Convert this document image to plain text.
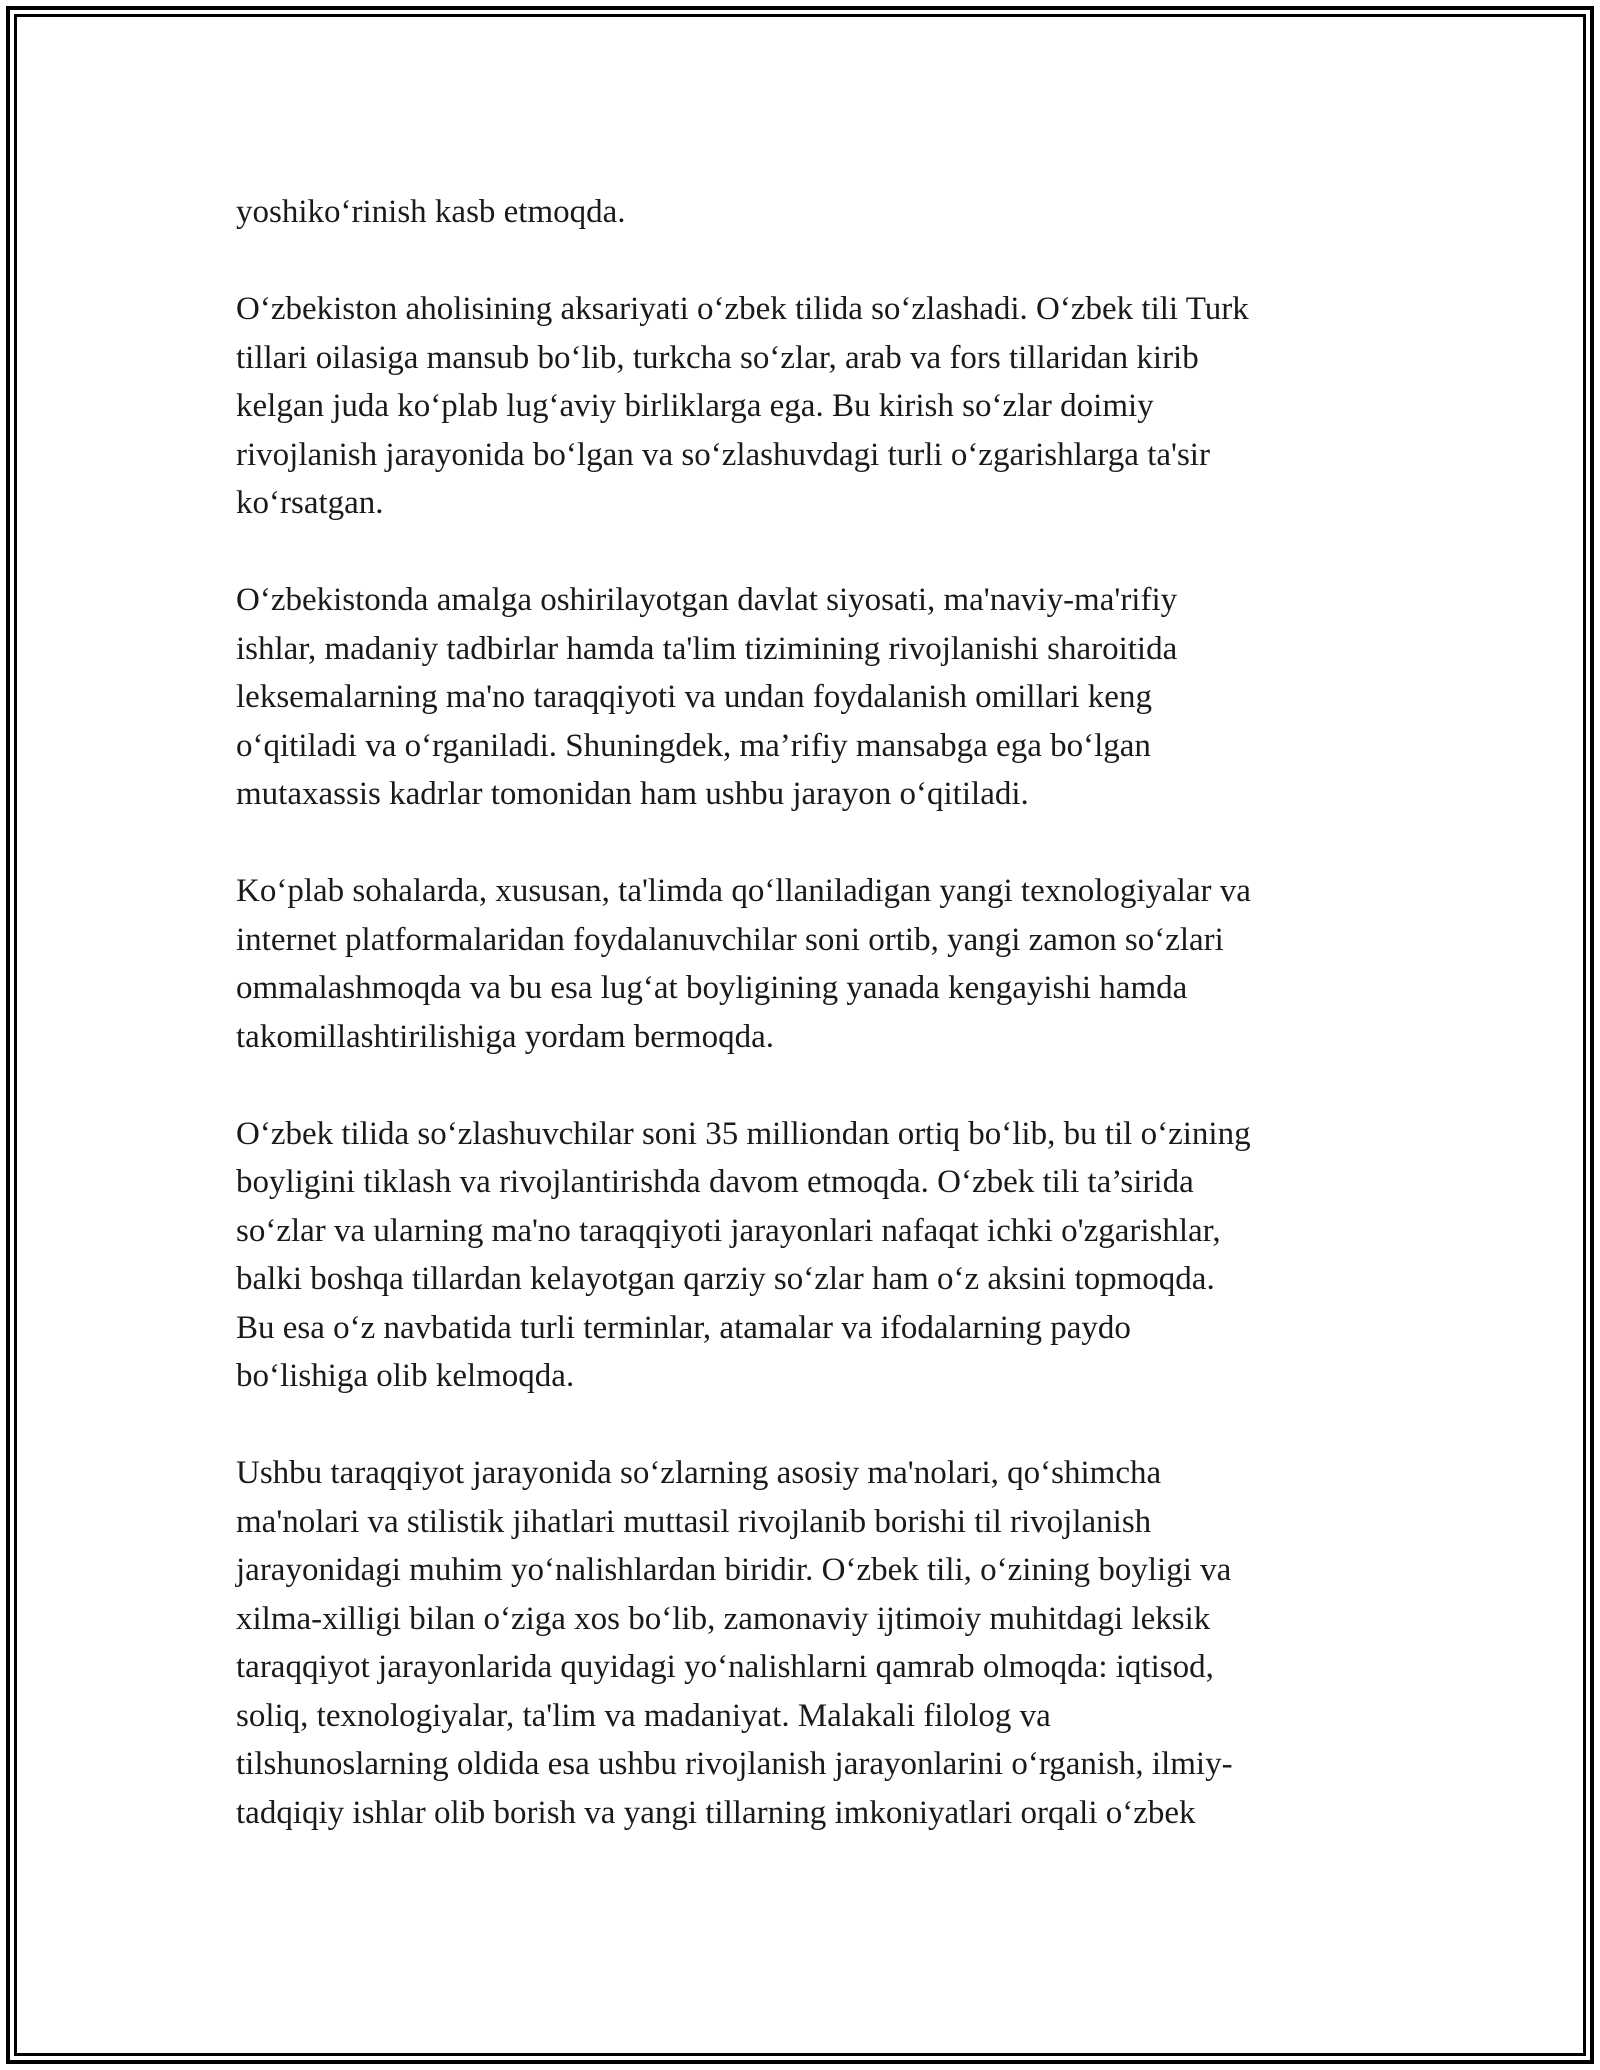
yoshiko‘rinish kasb etmoqda.
O‘zbekiston aholisining aksariyati o‘zbek tilida so‘zlashadi. O‘zbek tili Turk
tillari oilasiga mansub bo‘lib, turkcha so‘zlar, arab va fors tillaridan kirib
kelgan juda ko‘plab lug‘aviy birliklarga ega. Bu kirish so‘zlar doimiy
rivojlanish jarayonida bo‘lgan va so‘zlashuvdagi turli o‘zgarishlarga ta'sir
ko‘rsatgan.
O‘zbekistonda amalga oshirilayotgan davlat siyosati, ma'naviy-ma'rifiy
ishlar, madaniy tadbirlar hamda ta'lim tizimining rivojlanishi sharoitida
leksemalarning ma'no taraqqiyoti va undan foydalanish omillari keng
o‘qitiladi va o‘rganiladi. Shuningdek, ma’rifiy mansabga ega bo‘lgan
mutaxassis kadrlar tomonidan ham ushbu jarayon o‘qitiladi.
Ko‘plab sohalarda, xususan, ta'limda qo‘llaniladigan yangi texnologiyalar va
internet platformalaridan foydalanuvchilar soni ortib, yangi zamon so‘zlari
ommalashmoqda va bu esa lug‘at boyligining yanada kengayishi hamda
takomillashtirilishiga yordam bermoqda.
O‘zbek tilida so‘zlashuvchilar soni 35 milliondan ortiq bo‘lib, bu til o‘zining
boyligini tiklash va rivojlantirishda davom etmoqda. O‘zbek tili ta’sirida
so‘zlar va ularning ma'no taraqqiyoti jarayonlari nafaqat ichki o'zgarishlar,
balki boshqa tillardan kelayotgan qarziy so‘zlar ham o‘z aksini topmoqda.
Bu esa o‘z navbatida turli terminlar, atamalar va ifodalarning paydo
bo‘lishiga olib kelmoqda.
Ushbu taraqqiyot jarayonida so‘zlarning asosiy ma'nolari, qo‘shimcha
ma'nolari va stilistik jihatlari muttasil rivojlanib borishi til rivojlanish
jarayonidagi muhim yo‘nalishlardan biridir. O‘zbek tili, o‘zining boyligi va
xilma-xilligi bilan o‘ziga xos bo‘lib, zamonaviy ijtimoiy muhitdagi leksik
taraqqiyot jarayonlarida quyidagi yo‘nalishlarni qamrab olmoqda: iqtisod,
soliq, texnologiyalar, ta'lim va madaniyat. Malakali filolog va
tilshunoslarning oldida esa ushbu rivojlanish jarayonlarini o‘rganish, ilmiy-
tadqiqiy ishlar olib borish va yangi tillarning imkoniyatlari orqali o‘zbek
